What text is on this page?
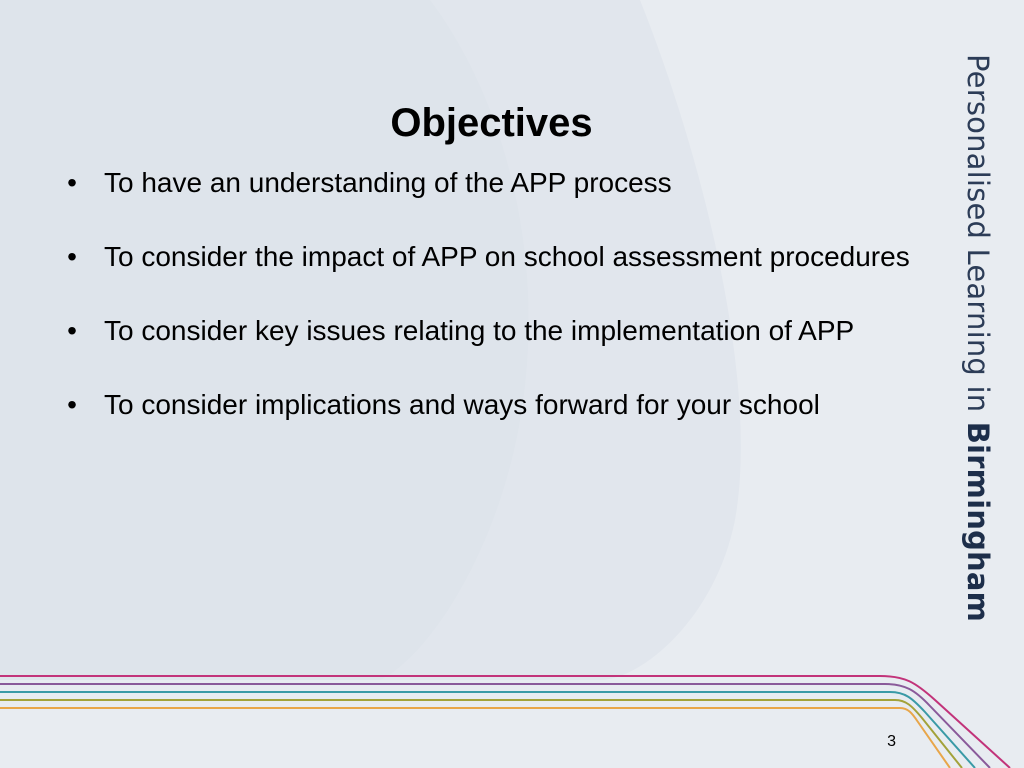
Objectives
• To have an understanding of the APP process
• To consider the impact of APP on school assessment procedures
• To consider key issues relating to the implementation of APP
• To consider implications and ways forward for your school
Personalised Learning in Birmingham
3
